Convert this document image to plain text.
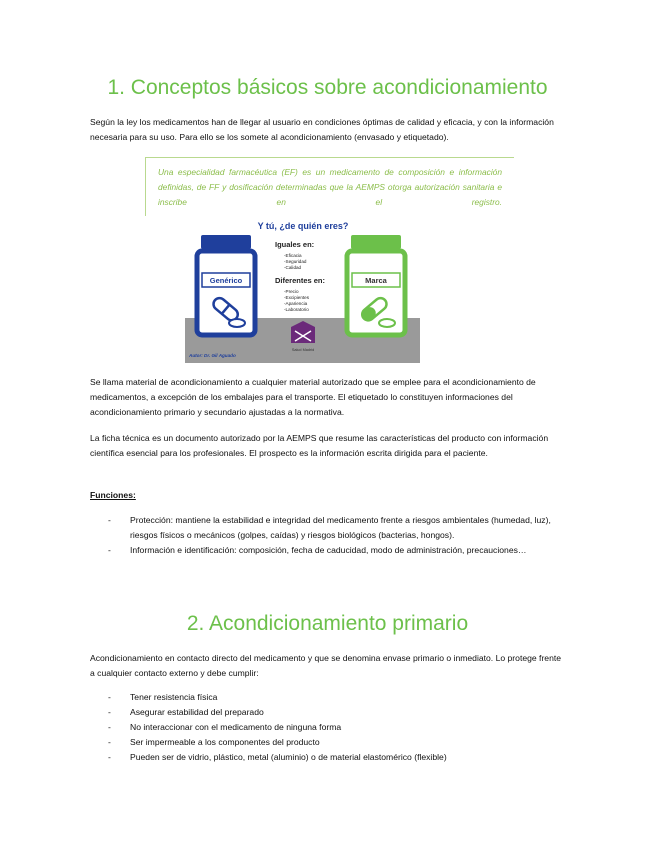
1. Conceptos básicos sobre acondicionamiento

Según la ley los medicamentos han de llegar al usuario en condiciones óptimas de calidad y eficacia, y con la información necesaria para su uso. Para ello se los somete al acondicionamiento (envasado y etiquetado).

Una especialidad farmacéutica (EF) es un medicamento de composición e información definidas, de FF y dosificación determinadas que la AEMPS otorga autorización sanitaria e inscribe en el registro.

Y tú, ¿de quién eres?
Genérico
Iguales en:
-Eficacia
-Seguridad
-Calidad
Diferentes en:
-Precio
-Excipientes
-Apariencia
-Laboratorio
Marca
Salud Madrid
Autor: Dr. Gil Aguado

Se llama material de acondicionamiento a cualquier material autorizado que se emplee para el acondicionamiento de medicamentos, a excepción de los embalajes para el transporte. El etiquetado lo constituyen informaciones del acondicionamiento primario y secundario ajustadas a la normativa.

La ficha técnica es un documento autorizado por la AEMPS que resume las características del producto con información científica esencial para los profesionales. El prospecto es la información escrita dirigida para el paciente.

Funciones:

- Protección: mantiene la estabilidad e integridad del medicamento frente a riesgos ambientales (humedad, luz), riesgos físicos o mecánicos (golpes, caídas) y riesgos biológicos (bacterias, hongos).
- Información e identificación: composición, fecha de caducidad, modo de administración, precauciones…
2. Acondicionamiento primario

Acondicionamiento en contacto directo del medicamento y que se denomina envase primario o inmediato. Lo protege frente a cualquier contacto externo y debe cumplir:

- Tener resistencia física
- Asegurar estabilidad del preparado
- No interaccionar con el medicamento de ninguna forma
- Ser impermeable a los componentes del producto
- Pueden ser de vidrio, plástico, metal (aluminio) o de material elastomérico (flexible)
